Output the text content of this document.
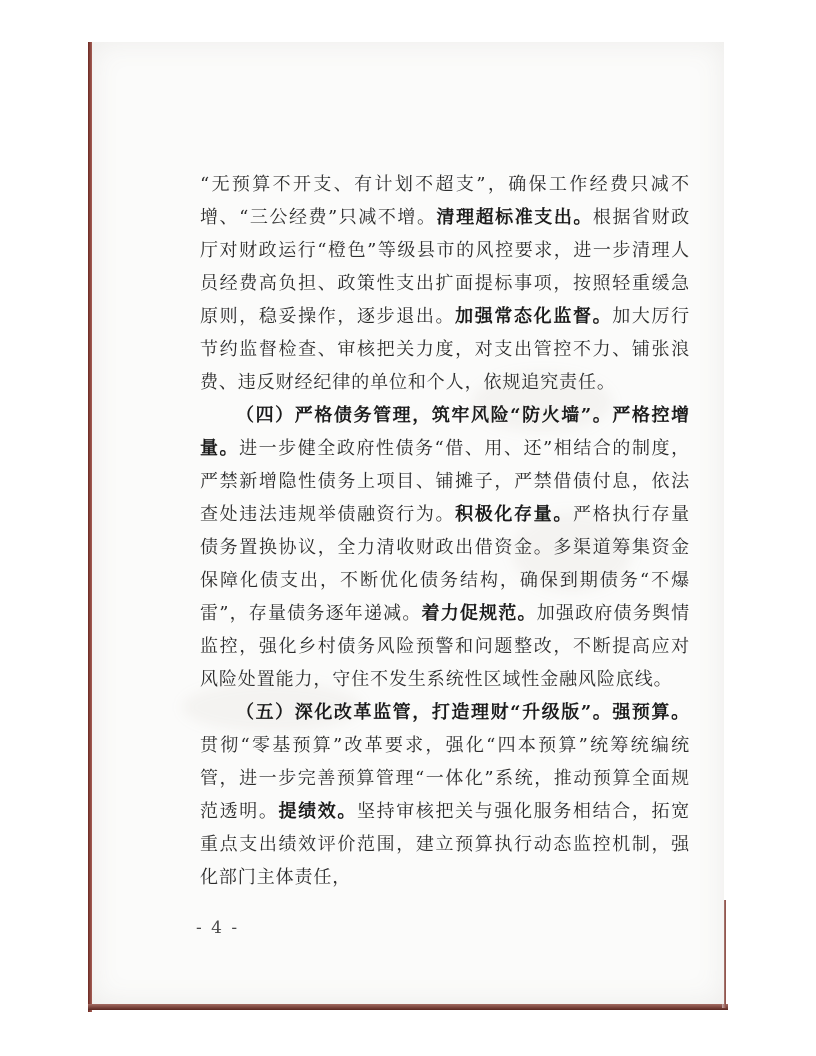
“无预算不开支、有计划不超支”，确保工作经费只减不增、“三公经费”只减不增。清理超标准支出。根据省财政厅对财政运行“橙色”等级县市的风控要求，进一步清理人员经费高负担、政策性支出扩面提标事项，按照轻重缓急原则，稳妥操作，逐步退出。加强常态化监督。加大厉行节约监督检查、审核把关力度，对支出管控不力、铺张浪费、违反财经纪律的单位和个人，依规追究责任。

（四）严格债务管理，筑牢风险“防火墙”。严格控增量。进一步健全政府性债务“借、用、还”相结合的制度，严禁新增隐性债务上项目、铺摊子，严禁借债付息，依法查处违法违规举债融资行为。积极化存量。严格执行存量债务置换协议，全力清收财政出借资金。多渠道筹集资金保障化债支出，不断优化债务结构，确保到期债务“不爆雷”，存量债务逐年递减。着力促规范。加强政府债务舆情监控，强化乡村债务风险预警和问题整改，不断提高应对风险处置能力，守住不发生系统性区域性金融风险底线。

（五）深化改革监管，打造理财“升级版”。强预算。贯彻“零基预算”改革要求，强化“四本预算”统筹统编统管，进一步完善预算管理“一体化”系统，推动预算全面规范透明。提绩效。坚持审核把关与强化服务相结合，拓宽重点支出绩效评价范围，建立预算执行动态监控机制，强化部门主体责任，

- 4 -
